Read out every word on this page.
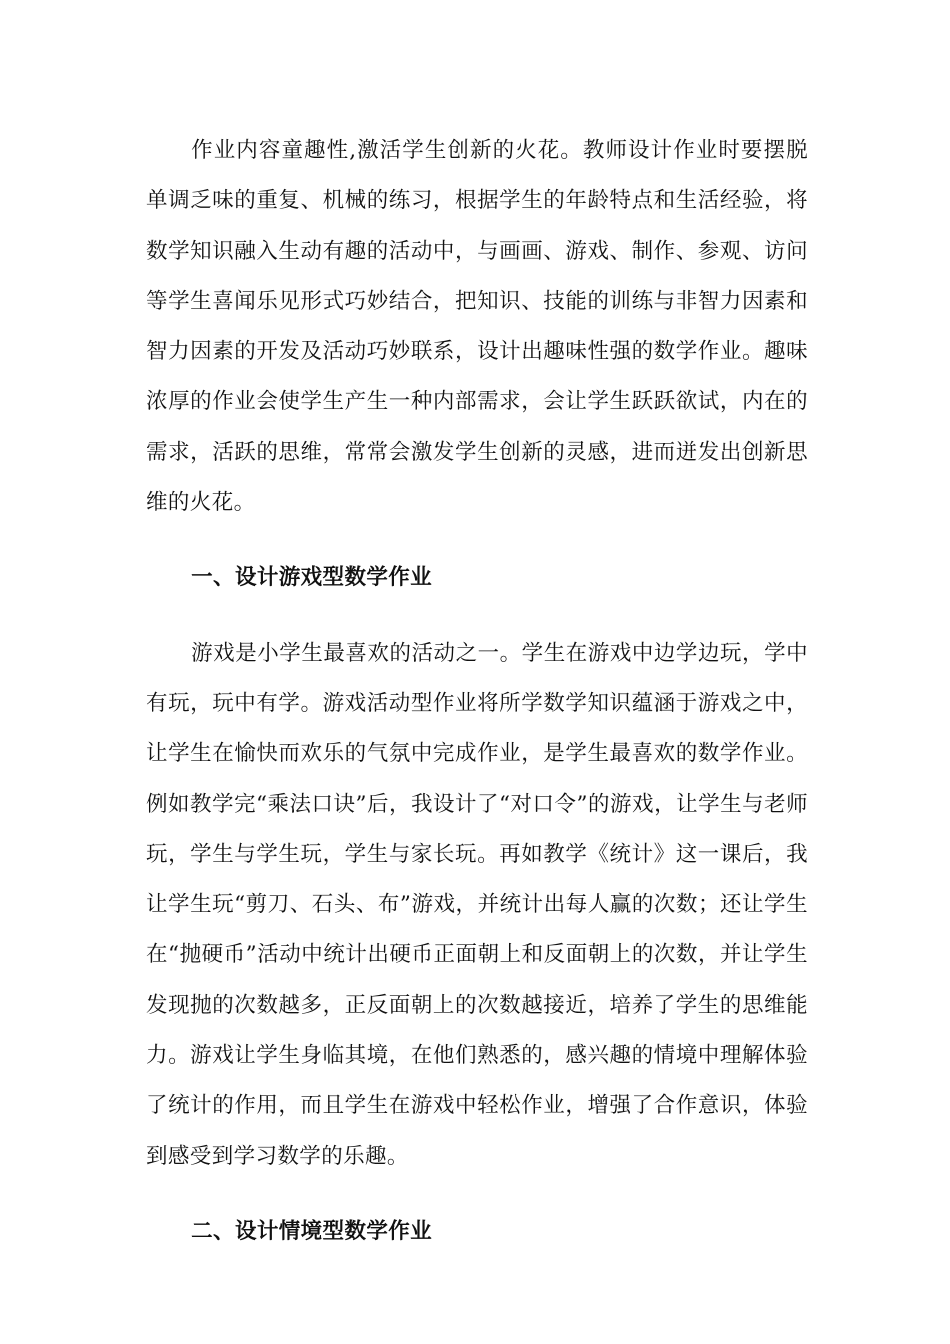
作业内容童趣性,激活学生创新的火花。教师设计作业时要摆脱单调乏味的重复、机械的练习，根据学生的年龄特点和生活经验，将数学知识融入生动有趣的活动中，与画画、游戏、制作、参观、访问等学生喜闻乐见形式巧妙结合，把知识、技能的训练与非智力因素和智力因素的开发及活动巧妙联系，设计出趣味性强的数学作业。趣味浓厚的作业会使学生产生一种内部需求，会让学生跃跃欲试，内在的需求，活跃的思维，常常会激发学生创新的灵感，进而迸发出创新思维的火花。

一、设计游戏型数学作业

游戏是小学生最喜欢的活动之一。学生在游戏中边学边玩，学中有玩，玩中有学。游戏活动型作业将所学数学知识蕴涵于游戏之中，让学生在愉快而欢乐的气氛中完成作业，是学生最喜欢的数学作业。例如教学完“乘法口诀”后，我设计了“对口令”的游戏，让学生与老师玩，学生与学生玩，学生与家长玩。再如教学《统计》这一课后，我让学生玩“剪刀、石头、布”游戏，并统计出每人赢的次数；还让学生在“抛硬币”活动中统计出硬币正面朝上和反面朝上的次数，并让学生发现抛的次数越多，正反面朝上的次数越接近，培养了学生的思维能力。游戏让学生身临其境，在他们熟悉的，感兴趣的情境中理解体验了统计的作用，而且学生在游戏中轻松作业，增强了合作意识，体验到感受到学习数学的乐趣。

二、设计情境型数学作业
